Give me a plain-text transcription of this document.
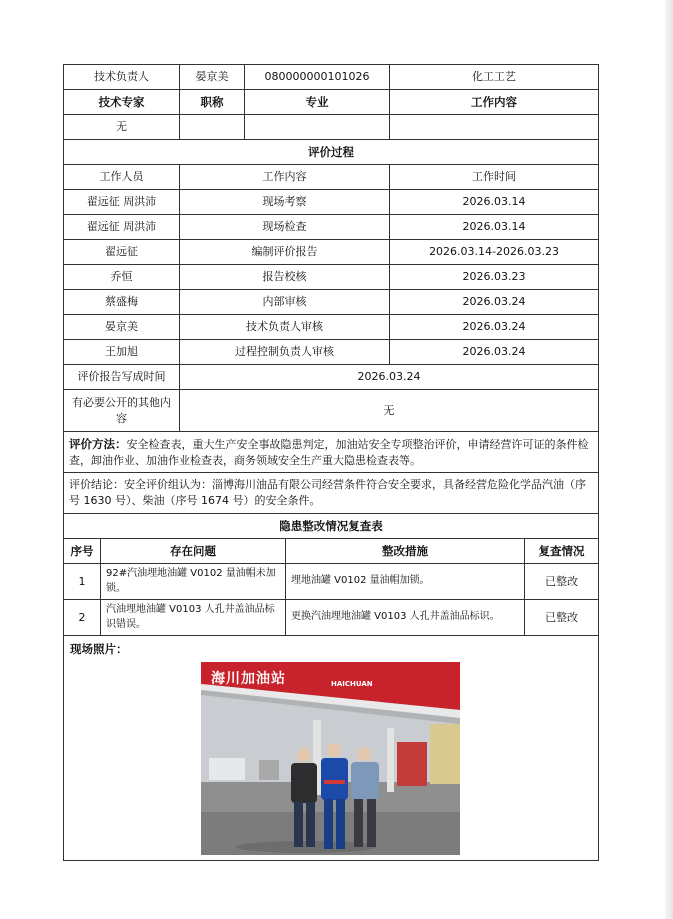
技术负责人		晏京美	080000000101026		化工工艺	
技术专家		职称	专业		工作内容	
无						
评价过程						
工作人员		工作内容			工作时间	
翟远征 周洪沛		现场考察			2026.03.14	
翟远征 周洪沛		现场检查			2026.03.14	
翟远征		编制评价报告			2026.03.14-2026.03.23	
乔恒		报告校核			2026.03.23	
蔡盛梅		内部审核			2026.03.24	
晏京美		技术负责人审核			2026.03.24	
王加旭		过程控制负责人审核			2026.03.24	
评价报告写成时间		2026.03.24				
有必要公开的其他内容		无				
评价方法：安全检查表，重大生产安全事故隐患判定，加油站安全专项整治评价，申请经营许可证的条件检查，卸油作业、加油作业检查表，商务领域安全生产重大隐患检查表等。						
评价结论：安全评价组认为：淄博海川油品有限公司经营条件符合安全要求，具备经营危险化学品汽油（序号 1630 号）、柴油（序号 1674 号）的安全条件。						
隐患整改情况复查表						
序号	存在问题			整改措施		复查情况
1	92#汽油埋地油罐 V0102 量油帽未加锁。			埋地油罐 V0102 量油帽加锁。		已整改
2	汽油埋地油罐 V0103 人孔井盖油品标识错误。			更换汽油埋地油罐 V0103 人孔井盖油品标识。		已整改

现场照片：
HAICHUAN
海川加油站						
